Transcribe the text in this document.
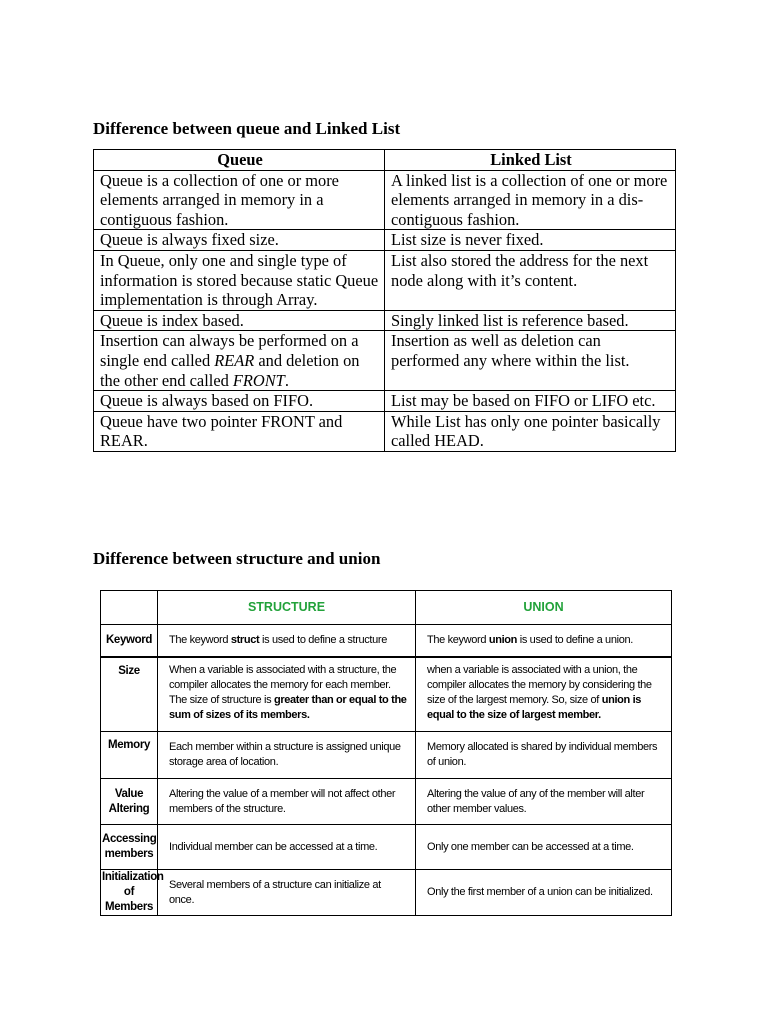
Difference between queue and Linked List
Queue	Linked List
Queue is a collection of one or more elements arranged in memory in a contiguous fashion.	A linked list is a collection of one or more elements arranged in memory in a dis-contiguous fashion.
Queue is always fixed size.	List size is never fixed.
In Queue, only one and single type of information is stored because static Queue implementation is through Array.	List also stored the address for the next node along with it’s content.
Queue is index based.	Singly linked list is reference based.
Insertion can always be performed on a single end called REAR and deletion on the other end called FRONT.	Insertion as well as deletion can performed any where within the list.
Queue is always based on FIFO.	List may be based on FIFO or LIFO etc.
Queue have two pointer FRONT and REAR.	While List has only one pointer basically called HEAD.
Difference between structure and union
	STRUCTURE	UNION
Keyword	The keyword struct is used to define a structure	The keyword union is used to define a union.
Size	When a variable is associated with a structure, the compiler allocates the memory for each member. The size of structure is greater than or equal to the sum of sizes of its members.	when a variable is associated with a union, the compiler allocates the memory by considering the size of the largest memory. So, size of union is equal to the size of largest member.
Memory	Each member within a structure is assigned unique storage area of location.	Memory allocated is shared by individual members of union.
Value
Altering	Altering the value of a member will not affect other members of the structure.	Altering the value of any of the member will alter other member values.
Accessing
members	Individual member can be accessed at a time.	Only one member can be accessed at a time.
Initialization
of Members	Several members of a structure can initialize at once.	Only the first member of a union can be initialized.
